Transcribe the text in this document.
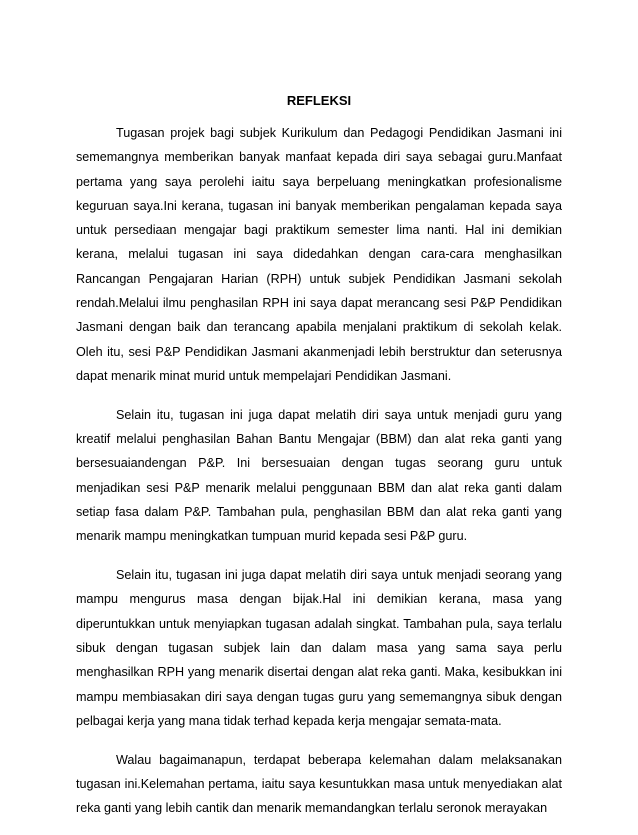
REFLEKSI

Tugasan projek bagi subjek Kurikulum dan Pedagogi Pendidikan Jasmani ini sememangnya memberikan banyak manfaat kepada diri saya sebagai guru.Manfaat pertama yang saya perolehi iaitu saya berpeluang meningkatkan profesionalisme keguruan saya.Ini kerana, tugasan ini banyak memberikan pengalaman kepada saya untuk persediaan mengajar bagi praktikum semester lima nanti. Hal ini demikian kerana, melalui tugasan ini saya didedahkan dengan cara-cara menghasilkan Rancangan Pengajaran Harian (RPH) untuk subjek Pendidikan Jasmani sekolah rendah.Melalui ilmu penghasilan RPH ini saya dapat merancang sesi P&P Pendidikan Jasmani dengan baik dan terancang apabila menjalani praktikum di sekolah kelak. Oleh itu, sesi P&P Pendidikan Jasmani akanmenjadi lebih berstruktur dan seterusnya dapat menarik minat murid untuk mempelajari Pendidikan Jasmani.

Selain itu, tugasan ini juga dapat melatih diri saya untuk menjadi guru yang kreatif melalui penghasilan Bahan Bantu Mengajar (BBM) dan alat reka ganti yang bersesuaiandengan P&P. Ini bersesuaian dengan tugas seorang guru untuk menjadikan sesi P&P menarik melalui penggunaan BBM dan alat reka ganti dalam setiap fasa dalam P&P. Tambahan pula, penghasilan BBM dan alat reka ganti yang menarik mampu meningkatkan tumpuan murid kepada sesi P&P guru.

Selain itu, tugasan ini juga dapat melatih diri saya untuk menjadi seorang yang mampu mengurus masa dengan bijak.Hal ini demikian kerana, masa yang diperuntukkan untuk menyiapkan tugasan adalah singkat. Tambahan pula, saya terlalu sibuk dengan tugasan subjek lain dan dalam masa yang sama saya perlu menghasilkan RPH yang menarik disertai dengan alat reka ganti. Maka, kesibukkan ini mampu membiasakan diri saya dengan tugas guru yang sememangnya sibuk dengan pelbagai kerja yang mana tidak terhad kepada kerja mengajar semata-mata.

Walau bagaimanapun, terdapat beberapa kelemahan dalam melaksanakan tugasan ini.Kelemahan pertama, iaitu saya kesuntukkan masa untuk menyediakan alat reka ganti yang lebih cantik dan menarik memandangkan terlalu seronok merayakan
